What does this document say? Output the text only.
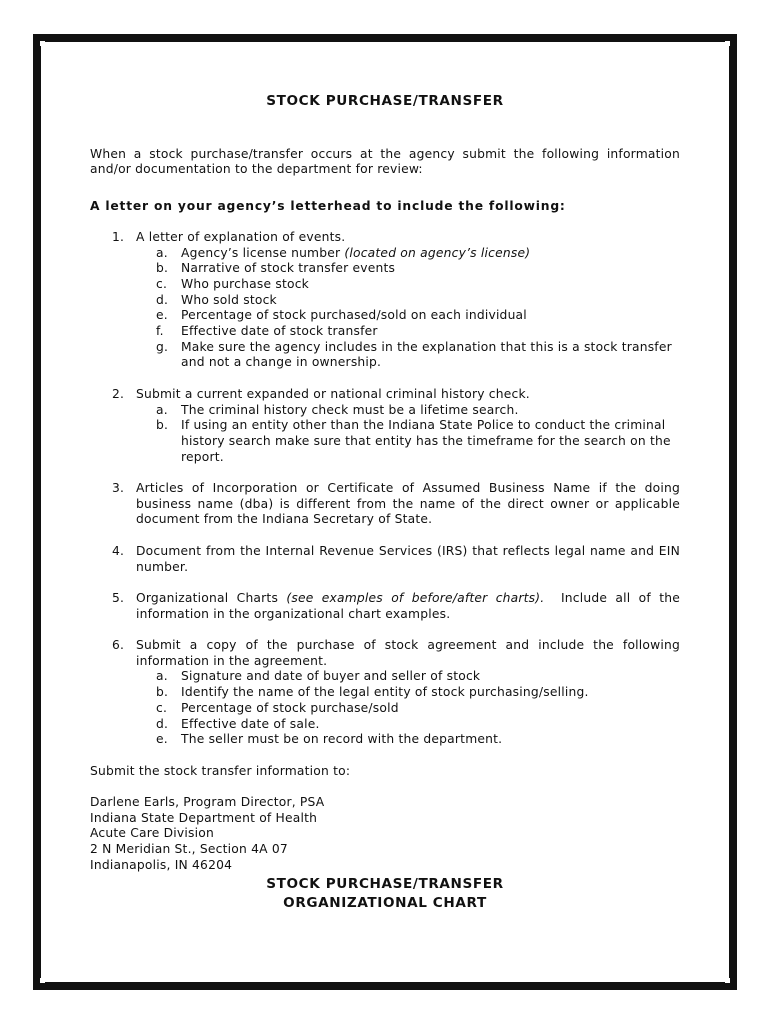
STOCK PURCHASE/TRANSFER

When a stock purchase/transfer occurs at the agency submit the following information and/or documentation to the department for review:

A letter on your agency’s letterhead to include the following:

1. A letter of explanation of events.
a. Agency’s license number (located on agency’s license)
b. Narrative of stock transfer events
c. Who purchase stock
d. Who sold stock
e. Percentage of stock purchased/sold on each individual
f. Effective date of stock transfer
g. Make sure the agency includes in the explanation that this is a stock transfer and not a change in ownership.
2. Submit a current expanded or national criminal history check.
a. The criminal history check must be a lifetime search.
b. If using an entity other than the Indiana State Police to conduct the criminal history search make sure that entity has the timeframe for the search on the report.
3. Articles of Incorporation or Certificate of Assumed Business Name if the doing business name (dba) is different from the name of the direct owner or applicable document from the Indiana Secretary of State.
4. Document from the Internal Revenue Services (IRS) that reflects legal name and EIN number.
5. Organizational Charts (see examples of before/after charts).  Include all of the information in the organizational chart examples.
6. Submit a copy of the purchase of stock agreement and include the following information in the agreement.
a. Signature and date of buyer and seller of stock
b. Identify the name of the legal entity of stock purchasing/selling.
c. Percentage of stock purchase/sold
d. Effective date of sale.
e. The seller must be on record with the department.

Submit the stock transfer information to:

Darlene Earls, Program Director, PSA
Indiana State Department of Health
Acute Care Division
2 N Meridian St., Section 4A 07
Indianapolis, IN 46204
STOCK PURCHASE/TRANSFER
ORGANIZATIONAL CHART
